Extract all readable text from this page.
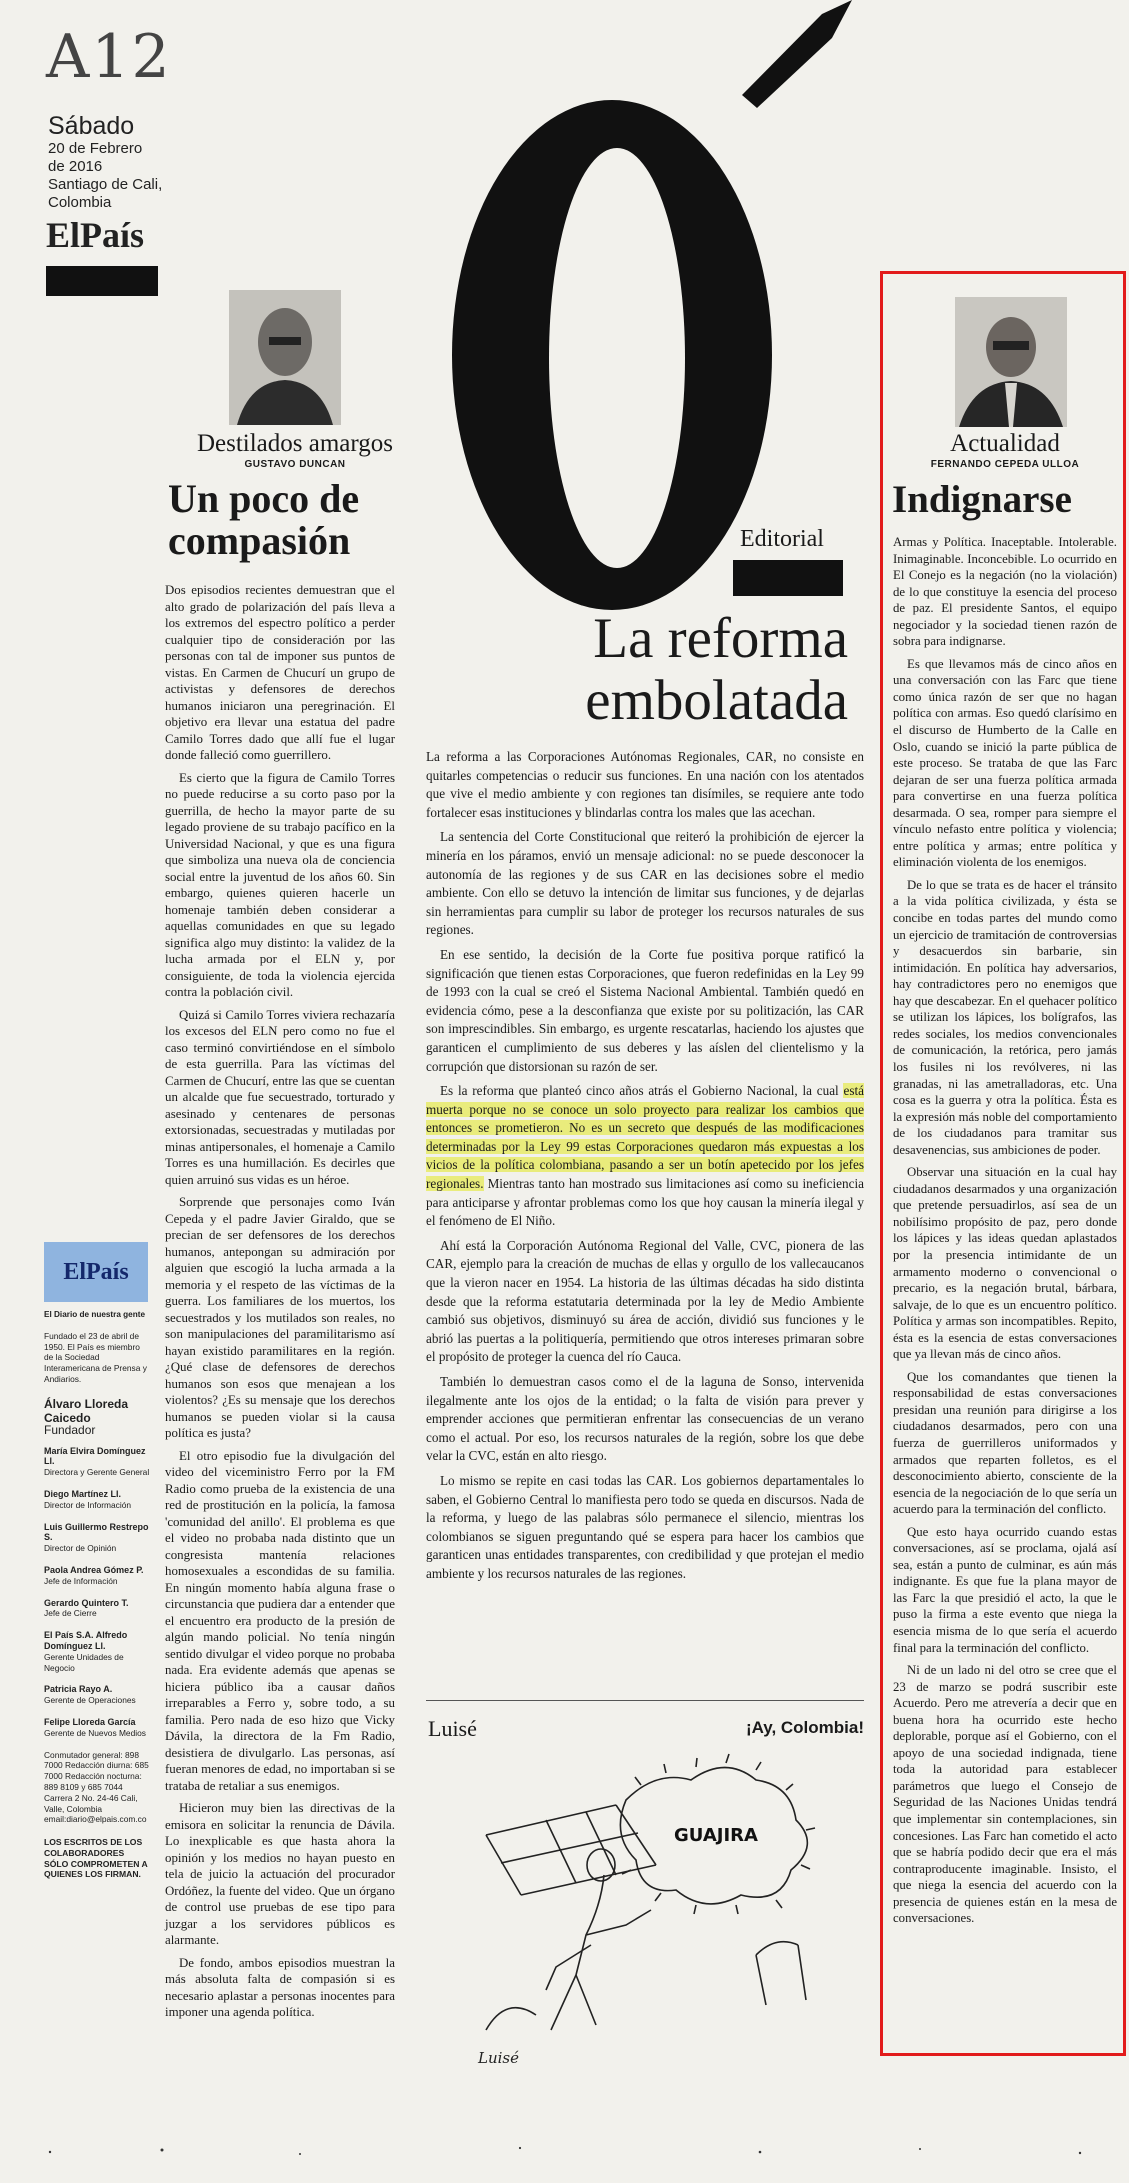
A12
Sábado
20 de Febrero
de 2016
Santiago de Cali,
Colombia
ElPaís
Destilados amargos
GUSTAVO DUNCAN
Un poco de
compasión

Dos episodios recientes demuestran que el alto grado de polarización del país lleva a los extremos del espectro político a perder cualquier tipo de consideración por las personas con tal de imponer sus puntos de vistas. En Carmen de Chucurí un grupo de activistas y defensores de derechos humanos iniciaron una peregrinación. El objetivo era llevar una estatua del padre Camilo Torres dado que allí fue el lugar donde falleció como guerrillero.

Es cierto que la figura de Camilo Torres no puede reducirse a su corto paso por la guerrilla, de hecho la mayor parte de su legado proviene de su trabajo pacífico en la Universidad Nacional, y que es una figura que simboliza una nueva ola de conciencia social entre la juventud de los años 60. Sin embargo, quienes quieren hacerle un homenaje también deben considerar a aquellas comunidades en que su legado significa algo muy distinto: la validez de la lucha armada por el ELN y, por consiguiente, de toda la violencia ejercida contra la población civil.

Quizá si Camilo Torres viviera rechazaría los excesos del ELN pero como no fue el caso terminó convirtiéndose en el símbolo de esta guerrilla. Para las víctimas del Carmen de Chucurí, entre las que se cuentan un alcalde que fue secuestrado, torturado y asesinado y centenares de personas extorsionadas, secuestradas y mutiladas por minas antipersonales, el homenaje a Camilo Torres es una humillación. Es decirles que quien arruinó sus vidas es un héroe.

Sorprende que personajes como Iván Cepeda y el padre Javier Giraldo, que se precian de ser defensores de los derechos humanos, antepongan su admiración por alguien que escogió la lucha armada a la memoria y el respeto de las víctimas de la guerra. Los familiares de los muertos, los secuestrados y los mutilados son reales, no son manipulaciones del paramilitarismo así hayan existido paramilitares en la región. ¿Qué clase de defensores de derechos humanos son esos que menajean a los violentos? ¿Es su mensaje que los derechos humanos se pueden violar si la causa política es justa?

El otro episodio fue la divulgación del video del viceministro Ferro por la FM Radio como prueba de la existencia de una red de prostitución en la policía, la famosa 'comunidad del anillo'. El problema es que el video no probaba nada distinto que un congresista mantenía relaciones homosexuales a escondidas de su familia. En ningún momento había alguna frase o circunstancia que pudiera dar a entender que el encuentro era producto de la presión de algún mando policial. No tenía ningún sentido divulgar el video porque no probaba nada. Era evidente además que apenas se hiciera público iba a causar daños irreparables a Ferro y, sobre todo, a su familia. Pero nada de eso hizo que Vicky Dávila, la directora de la Fm Radio, desistiera de divulgarlo. Las personas, así fueran menores de edad, no importaban si se trataba de retaliar a sus enemigos.

Hicieron muy bien las directivas de la emisora en solicitar la renuncia de Dávila. Lo inexplicable es que hasta ahora la opinión y los medios no hayan puesto en tela de juicio la actuación del procurador Ordóñez, la fuente del video. Que un órgano de control use pruebas de ese tipo para juzgar a los servidores públicos es alarmante.

De fondo, ambos episodios muestran la más absoluta falta de compasión si es necesario aplastar a personas inocentes para imponer una agenda política.

ElPaís
El Diario de nuestra gente
Fundado el 23 de abril de 1950. El País es miembro de la Sociedad Interamericana de Prensa y Andiarios.
Álvaro Lloreda Caicedo
Fundador
María Elvira Domínguez Ll.
Directora y Gerente General
Diego Martínez Ll.
Director de Información
Luis Guillermo Restrepo S.
Director de Opinión
Paola Andrea Gómez P.
Jefe de Información
Gerardo Quintero T.
Jefe de Cierre
El País S.A. Alfredo Domínguez Ll.
Gerente Unidades de Negocio
Patricia Rayo A.
Gerente de Operaciones
Felipe Lloreda García
Gerente de Nuevos Medios
Conmutador general: 898 7000 Redacción diurna: 685 7000 Redacción nocturna: 889 8109 y 685 7044 Carrera 2 No. 24-46 Cali, Valle, Colombia email:diario@elpais.com.co
LOS ESCRITOS DE LOS COLABORADORES SÓLO COMPROMETEN A QUIENES LOS FIRMAN.
Editorial
La reforma
embolatada

La reforma a las Corporaciones Autónomas Regionales, CAR, no consiste en quitarles competencias o reducir sus funciones. En una nación con los atentados que vive el medio ambiente y con regiones tan disímiles, se requiere ante todo fortalecer esas instituciones y blindarlas contra los males que las acechan.

La sentencia del Corte Constitucional que reiteró la prohibición de ejercer la minería en los páramos, envió un mensaje adicional: no se puede desconocer la autonomía de las regiones y de sus CAR en las decisiones sobre el medio ambiente. Con ello se detuvo la intención de limitar sus funciones, y de dejarlas sin herramientas para cumplir su labor de proteger los recursos naturales de sus regiones.

En ese sentido, la decisión de la Corte fue positiva porque ratificó la significación que tienen estas Corporaciones, que fueron redefinidas en la Ley 99 de 1993 con la cual se creó el Sistema Nacional Ambiental. También quedó en evidencia cómo, pese a la desconfianza que existe por su politización, las CAR son imprescindibles. Sin embargo, es urgente rescatarlas, haciendo los ajustes que garanticen el cumplimiento de sus deberes y las aíslen del clientelismo y la corrupción que distorsionan su razón de ser.

Es la reforma que planteó cinco años atrás el Gobierno Nacional, la cual está muerta porque no se conoce un solo proyecto para realizar los cambios que entonces se prometieron. No es un secreto que después de las modificaciones determinadas por la Ley 99 estas Corporaciones quedaron más expuestas a los vicios de la política colombiana, pasando a ser un botín apetecido por los jefes regionales. Mientras tanto han mostrado sus limitaciones así como su ineficiencia para anticiparse y afrontar problemas como los que hoy causan la minería ilegal y el fenómeno de El Niño.

Ahí está la Corporación Autónoma Regional del Valle, CVC, pionera de las CAR, ejemplo para la creación de muchas de ellas y orgullo de los vallecaucanos que la vieron nacer en 1954. La historia de las últimas décadas ha sido distinta desde que la reforma estatutaria determinada por la ley de Medio Ambiente cambió sus objetivos, disminuyó su área de acción, dividió sus funciones y le abrió las puertas a la politiquería, permitiendo que otros intereses primaran sobre el propósito de proteger la cuenca del río Cauca.

También lo demuestran casos como el de la laguna de Sonso, intervenida ilegalmente ante los ojos de la entidad; o la falta de visión para prever y emprender acciones que permitieran enfrentar las consecuencias de un verano como el actual. Por eso, los recursos naturales de la región, sobre los que debe velar la CVC, están en alto riesgo.

Lo mismo se repite en casi todas las CAR. Los gobiernos departamentales lo saben, el Gobierno Central lo manifiesta pero todo se queda en discursos. Nada de la reforma, y luego de las palabras sólo permanece el silencio, mientras los colombianos se siguen preguntando qué se espera para hacer los cambios que garanticen unas entidades transparentes, con credibilidad y que protejan el medio ambiente y los recursos naturales de las regiones.

Luisé	¡Ay, Colombia!
GUAJIRA
Luisé
Actualidad
FERNANDO CEPEDA ULLOA
Indignarse

Armas y Política. Inaceptable. Intolerable. Inimaginable. Inconcebible. Lo ocurrido en El Conejo es la negación (no la violación) de lo que constituye la esencia del proceso de paz. El presidente Santos, el equipo negociador y la sociedad tienen razón de sobra para indignarse.

Es que llevamos más de cinco años en una conversación con las Farc que tiene como única razón de ser que no hagan política con armas. Eso quedó clarísimo en el discurso de Humberto de la Calle en Oslo, cuando se inició la parte pública de este proceso. Se trataba de que las Farc dejaran de ser una fuerza política armada para convertirse en una fuerza política desarmada. O sea, romper para siempre el vínculo nefasto entre política y violencia; entre política y armas; entre política y eliminación violenta de los enemigos.

De lo que se trata es de hacer el tránsito a la vida política civilizada, y ésta se concibe en todas partes del mundo como un ejercicio de tramitación de controversias y desacuerdos sin barbarie, sin intimidación. En política hay adversarios, hay contradictores pero no enemigos que hay que descabezar. En el quehacer político se utilizan los lápices, los bolígrafos, las redes sociales, los medios convencionales de comunicación, la retórica, pero jamás los fusiles ni los revólveres, ni las granadas, ni las ametralladoras, etc. Una cosa es la guerra y otra la política. Ésta es la expresión más noble del comportamiento de los ciudadanos para tramitar sus desavenencias, sus ambiciones de poder.

Observar una situación en la cual hay ciudadanos desarmados y una organización que pretende persuadirlos, así sea de un nobilísimo propósito de paz, pero donde los lápices y las ideas quedan aplastados por la presencia intimidante de un armamento moderno o convencional o precario, es la negación brutal, bárbara, salvaje, de lo que es un encuentro político. Política y armas son incompatibles. Repito, ésta es la esencia de estas conversaciones que ya llevan más de cinco años.

Que los comandantes que tienen la responsabilidad de estas conversaciones presidan una reunión para dirigirse a los ciudadanos desarmados, pero con una fuerza de guerrilleros uniformados y armados que reparten folletos, es el desconocimiento abierto, consciente de la esencia de la negociación de lo que sería un acuerdo para la terminación del conflicto.

Que esto haya ocurrido cuando estas conversaciones, así se proclama, ojalá así sea, están a punto de culminar, es aún más indignante. Es que fue la plana mayor de las Farc la que presidió el acto, la que le puso la firma a este evento que niega la esencia misma de lo que sería el acuerdo final para la terminación del conflicto.

Ni de un lado ni del otro se cree que el 23 de marzo se podrá suscribir este Acuerdo. Pero me atrevería a decir que en buena hora ha ocurrido este hecho deplorable, porque así el Gobierno, con el apoyo de una sociedad indignada, tiene toda la autoridad para establecer parámetros que luego el Consejo de Seguridad de las Naciones Unidas tendrá que implementar sin contemplaciones, sin concesiones. Las Farc han cometido el acto que se habría podido decir que era el más contraproducente imaginable. Insisto, el que niega la esencia del acuerdo con la presencia de quienes están en la mesa de conversaciones.
